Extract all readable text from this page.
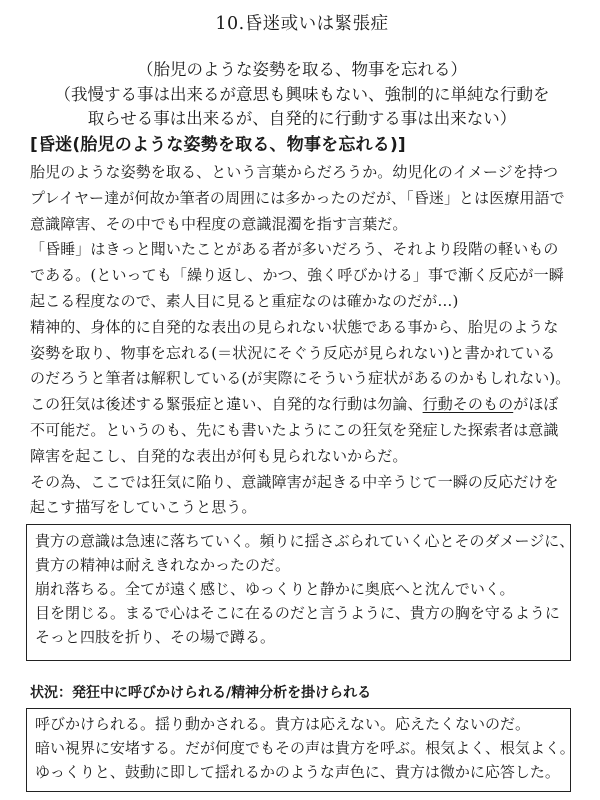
10.昏迷或いは緊張症
（胎児のような姿勢を取る、物事を忘れる）
（我慢する事は出来るが意思も興味もない、強制的に単純な行動を
取らせる事は出来るが、自発的に行動する事は出来ない）
[昏迷(胎児のような姿勢を取る、物事を忘れる)]

胎児のような姿勢を取る、という言葉からだろうか。幼児化のイメージを持つ

プレイヤー達が何故か筆者の周囲には多かったのだが、「昏迷」とは医療用語で

意識障害、その中でも中程度の意識混濁を指す言葉だ。

「昏睡」はきっと聞いたことがある者が多いだろう、それより段階の軽いもの

である。(といっても「繰り返し、かつ、強く呼びかける」事で漸く反応が一瞬

起こる程度なので、素人目に見ると重症なのは確かなのだが…)

精神的、身体的に自発的な表出の見られない状態である事から、胎児のような

姿勢を取り、物事を忘れる(＝状況にそぐう反応が見られない)と書かれている

のだろうと筆者は解釈している(が実際にそういう症状があるのかもしれない)。

この狂気は後述する緊張症と違い、自発的な行動は勿論、行動そのものがほぼ

不可能だ。というのも、先にも書いたようにこの狂気を発症した探索者は意識

障害を起こし、自発的な表出が何も見られないからだ。

その為、ここでは狂気に陥り、意識障害が起きる中辛うじて一瞬の反応だけを

起こす描写をしていこうと思う。

貴方の意識は急速に落ちていく。頻りに揺さぶられていく心とそのダメージに、

貴方の精神は耐えきれなかったのだ。

崩れ落ちる。全てが遠く感じ、ゆっくりと静かに奥底へと沈んでいく。

目を閉じる。まるで心はそこに在るのだと言うように、貴方の胸を守るように

そっと四肢を折り、その場で蹲る。

状況：発狂中に呼びかけられる/精神分析を掛けられる

呼びかけられる。揺り動かされる。貴方は応えない。応えたくないのだ。

暗い視界に安堵する。だが何度でもその声は貴方を呼ぶ。根気よく、根気よく。

ゆっくりと、鼓動に即して揺れるかのような声色に、貴方は微かに応答した。
